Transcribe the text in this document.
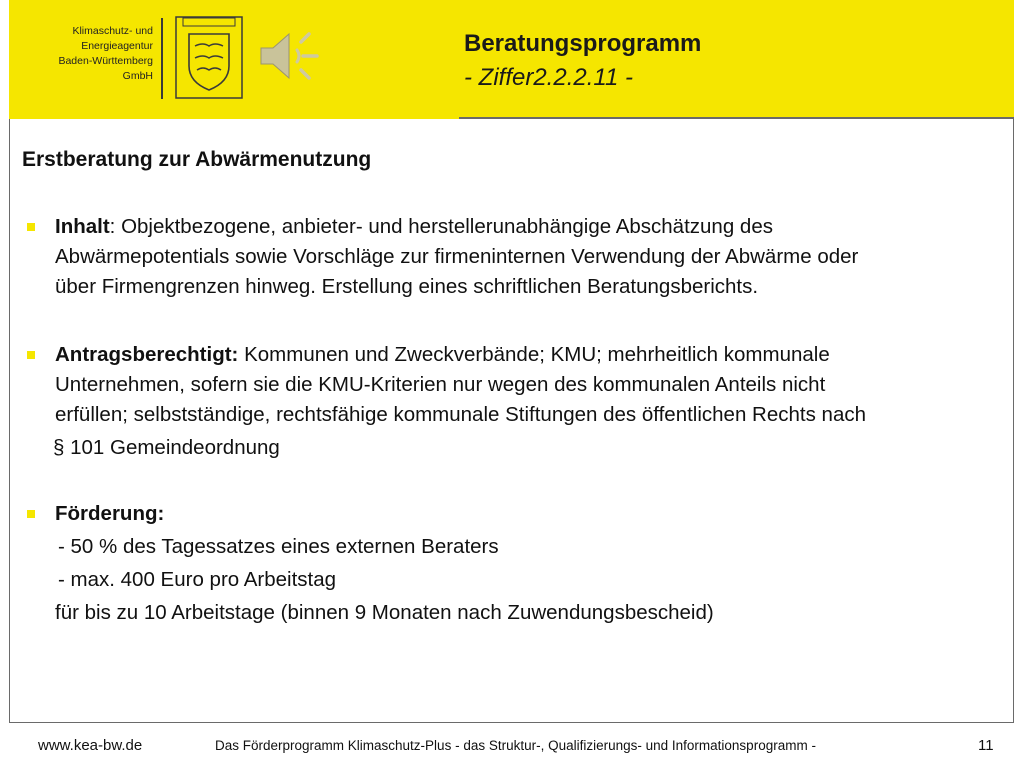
Klimaschutz- und
Energieagentur
Baden-Württemberg
GmbH
Beratungsprogramm
- Ziffer2.2.2.11 -
Erstberatung zur Abwärmenutzung
Inhalt: Objektbezogene, anbieter- und herstellerunabhängige Abschätzung des
Abwärmepotentials sowie Vorschläge zur firmeninternen Verwendung der Abwärme oder
über Firmengrenzen hinweg. Erstellung eines schriftlichen Beratungsberichts.
Antragsberechtigt: Kommunen und Zweckverbände; KMU; mehrheitlich kommunale
Unternehmen, sofern sie die KMU-Kriterien nur wegen des kommunalen Anteils nicht
erfüllen; selbstständige, rechtsfähige kommunale Stiftungen des öffentlichen Rechts nach
§ 101 Gemeindeordnung
Förderung:
- 50 % des Tagessatzes eines externen Beraters
- max. 400 Euro pro Arbeitstag
für bis zu 10 Arbeitstage (binnen 9 Monaten nach Zuwendungsbescheid)
www.kea-bw.de	Das Förderprogramm Klimaschutz-Plus - das Struktur-, Qualifizierungs- und Informationsprogramm -	11
